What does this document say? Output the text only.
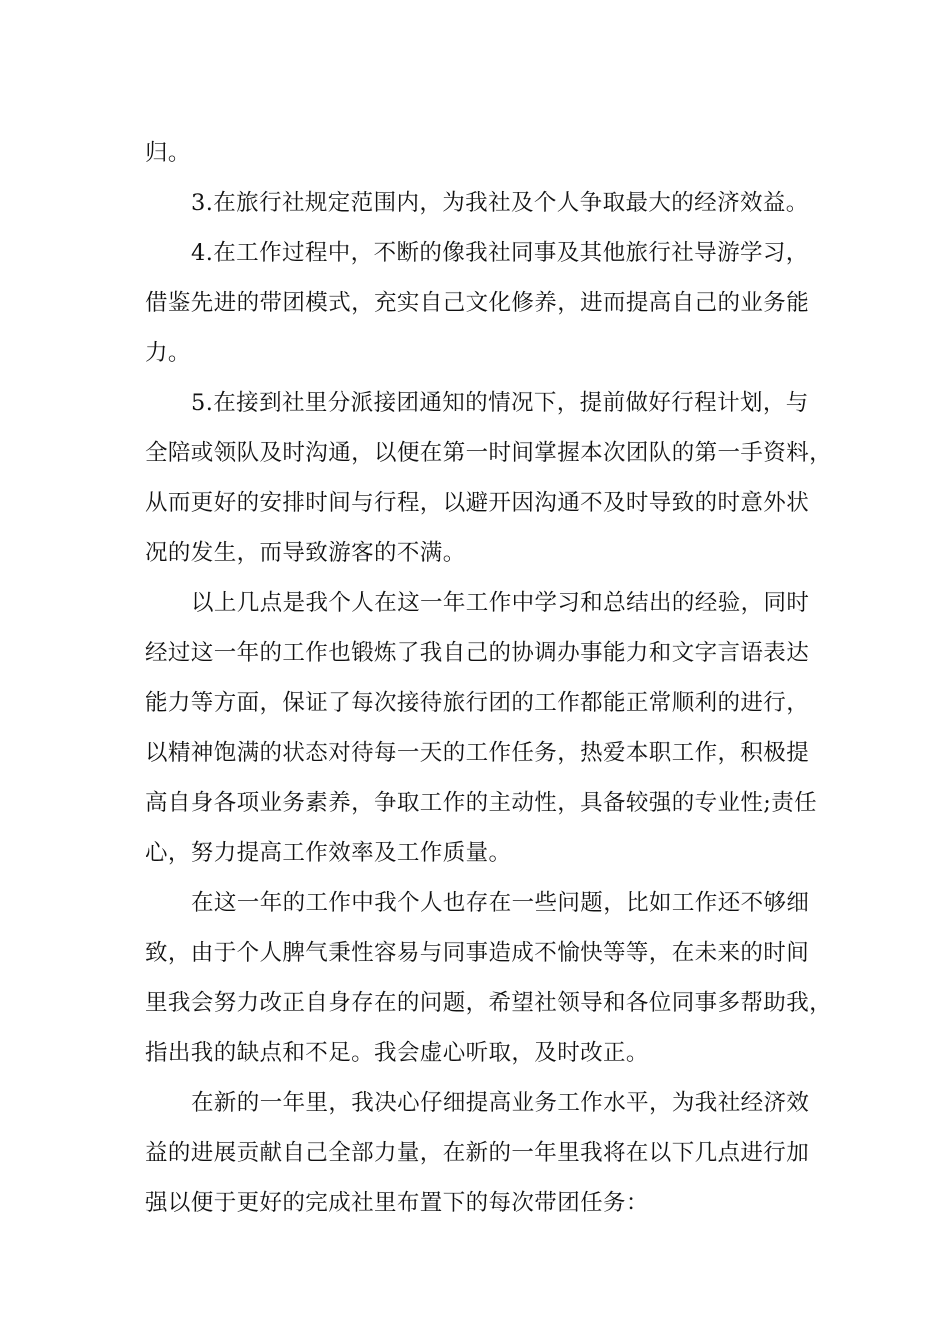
归。
3.在旅行社规定范围内，为我社及个人争取最大的经济效益。
4.在工作过程中，不断的像我社同事及其他旅行社导游学习，
借鉴先进的带团模式，充实自己文化修养，进而提高自己的业务能
力。
5.在接到社里分派接团通知的情况下，提前做好行程计划，与
全陪或领队及时沟通，以便在第一时间掌握本次团队的第一手资料，
从而更好的安排时间与行程，以避开因沟通不及时导致的时意外状
况的发生，而导致游客的不满。
以上几点是我个人在这一年工作中学习和总结出的经验，同时
经过这一年的工作也锻炼了我自己的协调办事能力和文字言语表达
能力等方面，保证了每次接待旅行团的工作都能正常顺利的进行，
以精神饱满的状态对待每一天的工作任务，热爱本职工作，积极提
高自身各项业务素养，争取工作的主动性，具备较强的专业性;责任
心，努力提高工作效率及工作质量。
在这一年的工作中我个人也存在一些问题，比如工作还不够细
致，由于个人脾气秉性容易与同事造成不愉快等等，在未来的时间
里我会努力改正自身存在的问题，希望社领导和各位同事多帮助我，
指出我的缺点和不足。我会虚心听取，及时改正。
在新的一年里，我决心仔细提高业务工作水平，为我社经济效
益的进展贡献自己全部力量，在新的一年里我将在以下几点进行加
强以便于更好的完成社里布置下的每次带团任务：
